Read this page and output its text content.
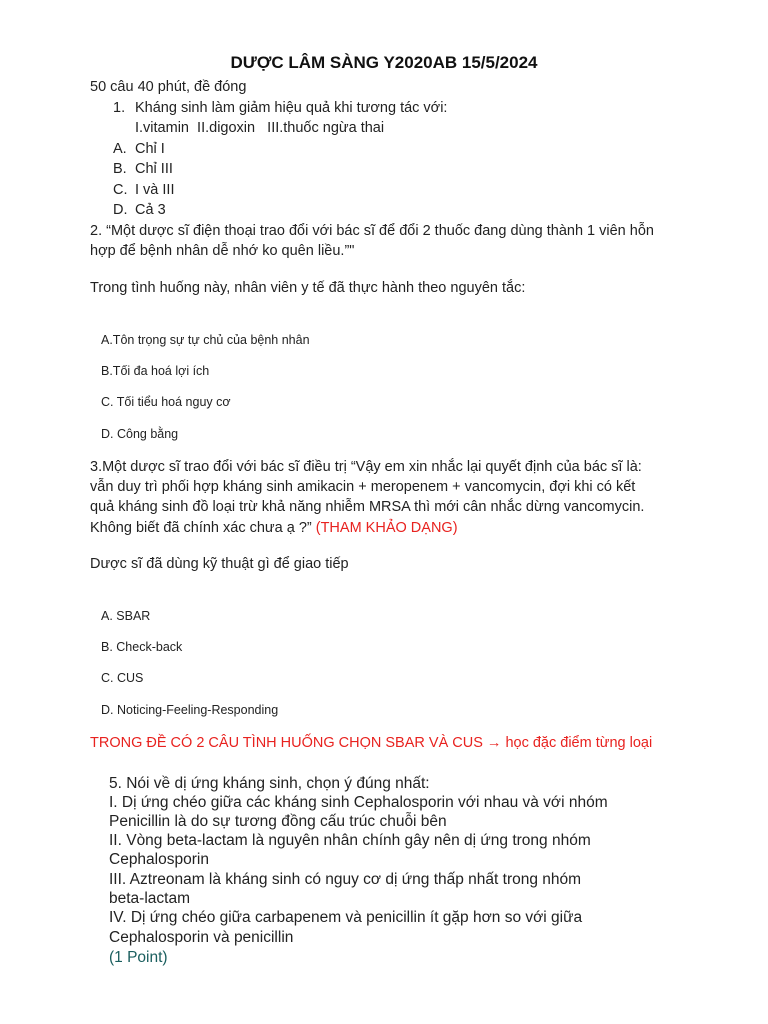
DƯỢC LÂM SÀNG Y2020AB 15/5/2024
50 câu 40 phút, đề đóng
1. Kháng sinh làm giảm hiệu quả khi tương tác với:
I.vitamin  II.digoxin   III.thuốc ngừa thai
A. Chỉ I
B. Chỉ III
C. I và III
D. Cả 3
2. “Một dược sĩ điện thoại trao đổi với bác sĩ để đổi 2 thuốc đang dùng thành 1 viên hỗn
hợp để bệnh nhân dễ nhớ ko quên liều.”"
Trong tình huống này, nhân viên y tế đã thực hành theo nguyên tắc:
A.Tôn trọng sự tự chủ của bệnh nhân
B.Tối đa hoá lợi ích
C. Tối tiểu hoá nguy cơ
D. Công bằng
3.Một dược sĩ trao đổi với bác sĩ điều trị “Vậy em xin nhắc lại quyết định của bác sĩ là:
vẫn duy trì phối hợp kháng sinh amikacin + meropenem + vancomycin, đợi khi có kết
quả kháng sinh đồ loại trừ khả năng nhiễm MRSA thì mới cân nhắc dừng vancomycin.
Không biết đã chính xác chưa ạ ?” (THAM KHẢO DẠNG)
Dược sĩ đã dùng kỹ thuật gì để giao tiếp
A. SBAR
B. Check-back
C. CUS
D. Noticing-Feeling-Responding
TRONG ĐỀ CÓ 2 CÂU TÌNH HUỐNG CHỌN SBAR VÀ CUS → học đặc điểm từng loại
5. Nói về dị ứng kháng sinh, chọn ý đúng nhất:
I. Dị ứng chéo giữa các kháng sinh Cephalosporin với nhau và với nhóm
Penicillin là do sự tương đồng cấu trúc chuỗi bên
II. Vòng beta-lactam là nguyên nhân chính gây nên dị ứng trong nhóm
Cephalosporin
III. Aztreonam là kháng sinh có nguy cơ dị ứng thấp nhất trong nhóm
beta-lactam
IV. Dị ứng chéo giữa carbapenem và penicillin ít gặp hơn so với giữa
Cephalosporin và penicillin
(1 Point)
